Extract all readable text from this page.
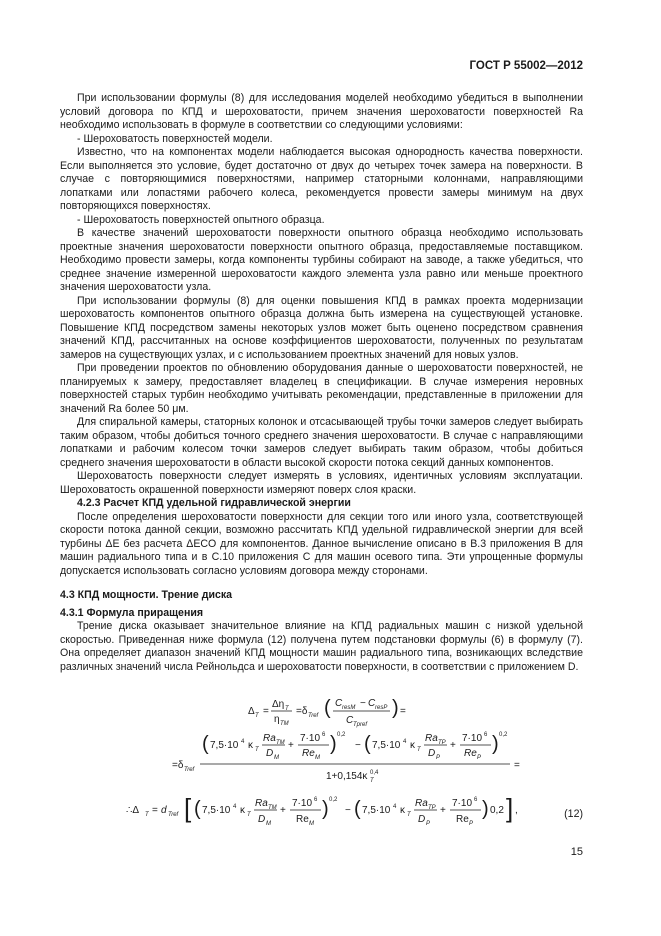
ГОСТ Р 55002—2012

При использовании формулы (8) для исследования моделей необходимо убедиться в выполнении условий договора по КПД и шероховатости, причем значения шероховатости поверхностей Ra необходимо использовать в формуле в соответствии со следующими условиями:

- Шероховатость поверхностей модели.

Известно, что на компонентах модели наблюдается высокая однородность качества поверхности. Если выполняется это условие, будет достаточно от двух до четырех точек замера на поверхности. В случае с повторяющимися поверхностями, например статорными колоннами, направляющими лопатками или лопастями рабочего колеса, рекомендуется провести замеры минимум на двух повторяющихся поверхностях.

- Шероховатость поверхностей опытного образца.

В качестве значений шероховатости поверхности опытного образца необходимо использовать проектные значения шероховатости поверхности опытного образца, предоставляемые поставщиком. Необходимо провести замеры, когда компоненты турбины собирают на заводе, а также убедиться, что среднее значение измеренной шероховатости каждого элемента узла равно или меньше проектного значения шероховатости узла.

При использовании формулы (8) для оценки повышения КПД в рамках проекта модернизации шероховатость компонентов опытного образца должна быть измерена на существующей установке. Повышение КПД посредством замены некоторых узлов может быть оценено посредством сравнения значений КПД, рассчитанных на основе коэффициентов шероховатости, полученных по результатам замеров на существующих узлах, и с использованием проектных значений для новых узлов.

При проведении проектов по обновлению оборудования данные о шероховатости поверхностей, не планируемых к замеру, предоставляет владелец в спецификации. В случае измерения неровных поверхностей старых турбин необходимо учитывать рекомендации, представленные в приложении для значений Ra более 50 μм.

Для спиральной камеры, статорных колонок и отсасывающей трубы точки замеров следует выбирать таким образом, чтобы добиться точного среднего значения шероховатости. В случае с направляющими лопатками и рабочим колесом точки замеров следует выбирать таким образом, чтобы добиться среднего значения шероховатости в области высокой скорости потока секций данных компонентов.

Шероховатость поверхности следует измерять в условиях, идентичных условиям эксплуатации. Шероховатость окрашенной поверхности измеряют поверх слоя краски.

4.2.3 Расчет КПД удельной гидравлической энергии

После определения шероховатости поверхности для секции того или иного узла, соответствующей скорости потока данной секции, возможно рассчитать КПД удельной гидравлической энергии для всей турбины ΔE без расчета ΔECO для компонентов. Данное вычисление описано в В.3 приложения В для машин радиального типа и в С.10 приложения С для машин осевого типа. Эти упрощенные формулы допускается использовать согласно условиям договора между сторонами.

4.3 КПД мощности. Трение диска

4.3.1 Формула приращения

Трение диска оказывает значительное влияние на КПД радиальных машин с низкой удельной скоростью. Приведенная ниже формула (12) получена путем подстановки формулы (6) в формулу (7). Она определяет диапазон значений КПД мощности машин радиального типа, возникающих вследствие различных значений числа Рейнольдса и шероховатости поверхности, в соответствии с приложением D.

Δ T =
Δη T
η TM
=δ Tref ( C resM − C resP
C Tpref
) =
=δ Tref
( 7,5·10 4 κ T
Ra TM
D M
+
7·10 6
Re M
) 0,2
− ( 7,5·10 4 κ T
Ra TP
D P
+
7·10 6
Re P
) 0,2
1+0,154κ T
0,4
=
∴Δ T = d Tref [ ( 7,5·10 4 κ T
Ra TM
D M
+
7·10 6
Re M
) 0,2
− ( 7,5·10 4 κ T
Ra TP
D P
+
7·10 6
Re P
) 0,2 ] ,	(12)
15
